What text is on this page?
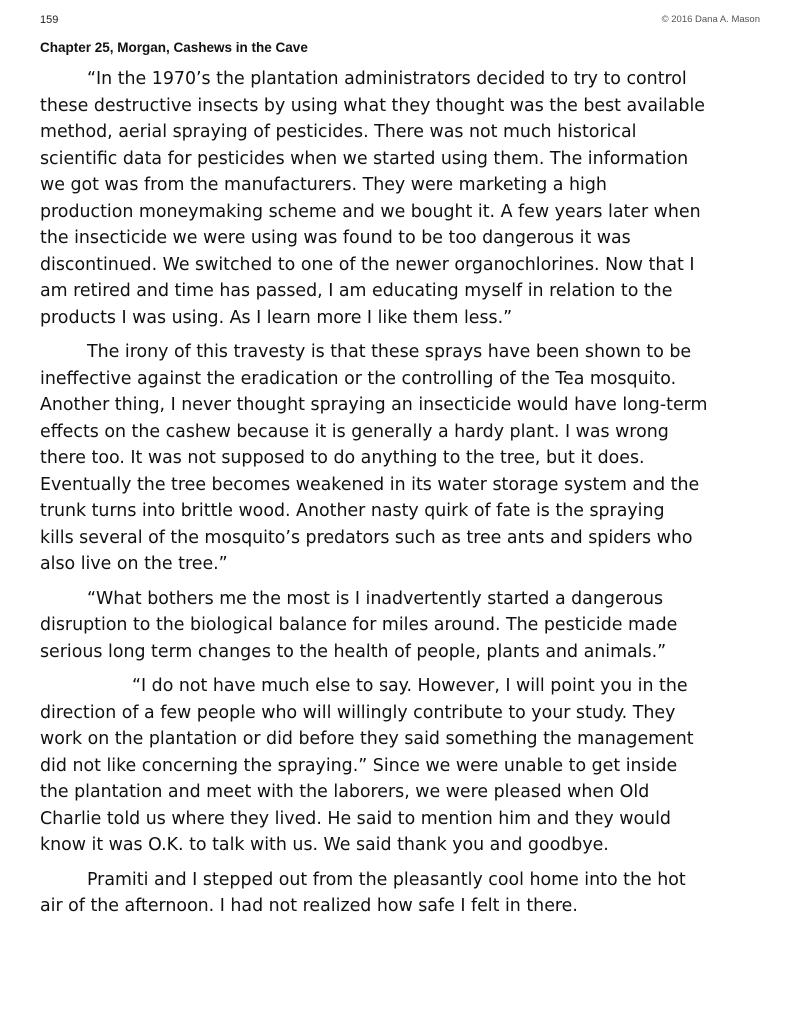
159	© 2016 Dana A. Mason
Chapter 25, Morgan, Cashews in the Cave

“In the 1970’s the plantation administrators decided to try to control
these destructive insects by using what they thought was the best available
method, aerial spraying of pesticides. There was not much historical
scientific data for pesticides when we started using them. The information
we got was from the manufacturers. They were marketing a high
production moneymaking scheme and we bought it. A few years later when
the insecticide we were using was found to be too dangerous it was
discontinued. We switched to one of the newer organochlorines. Now that I
am retired and time has passed, I am educating myself in relation to the
products I was using. As I learn more I like them less.”

The irony of this travesty is that these sprays have been shown to be
ineffective against the eradication or the controlling of the Tea mosquito.
Another thing, I never thought spraying an insecticide would have long-term
effects on the cashew because it is generally a hardy plant. I was wrong
there too. It was not supposed to do anything to the tree, but it does.
Eventually the tree becomes weakened in its water storage system and the
trunk turns into brittle wood. Another nasty quirk of fate is the spraying
kills several of the mosquito’s predators such as tree ants and spiders who
also live on the tree.”

“What bothers me the most is I inadvertently started a dangerous
disruption to the biological balance for miles around. The pesticide made
serious long term changes to the health of people, plants and animals.”

“I do not have much else to say. However, I will point you in the
direction of a few people who will willingly contribute to your study. They
work on the plantation or did before they said something the management
did not like concerning the spraying.” Since we were unable to get inside
the plantation and meet with the laborers, we were pleased when Old
Charlie told us where they lived. He said to mention him and they would
know it was O.K. to talk with us. We said thank you and goodbye.

Pramiti and I stepped out from the pleasantly cool home into the hot
air of the afternoon. I had not realized how safe I felt in there.
